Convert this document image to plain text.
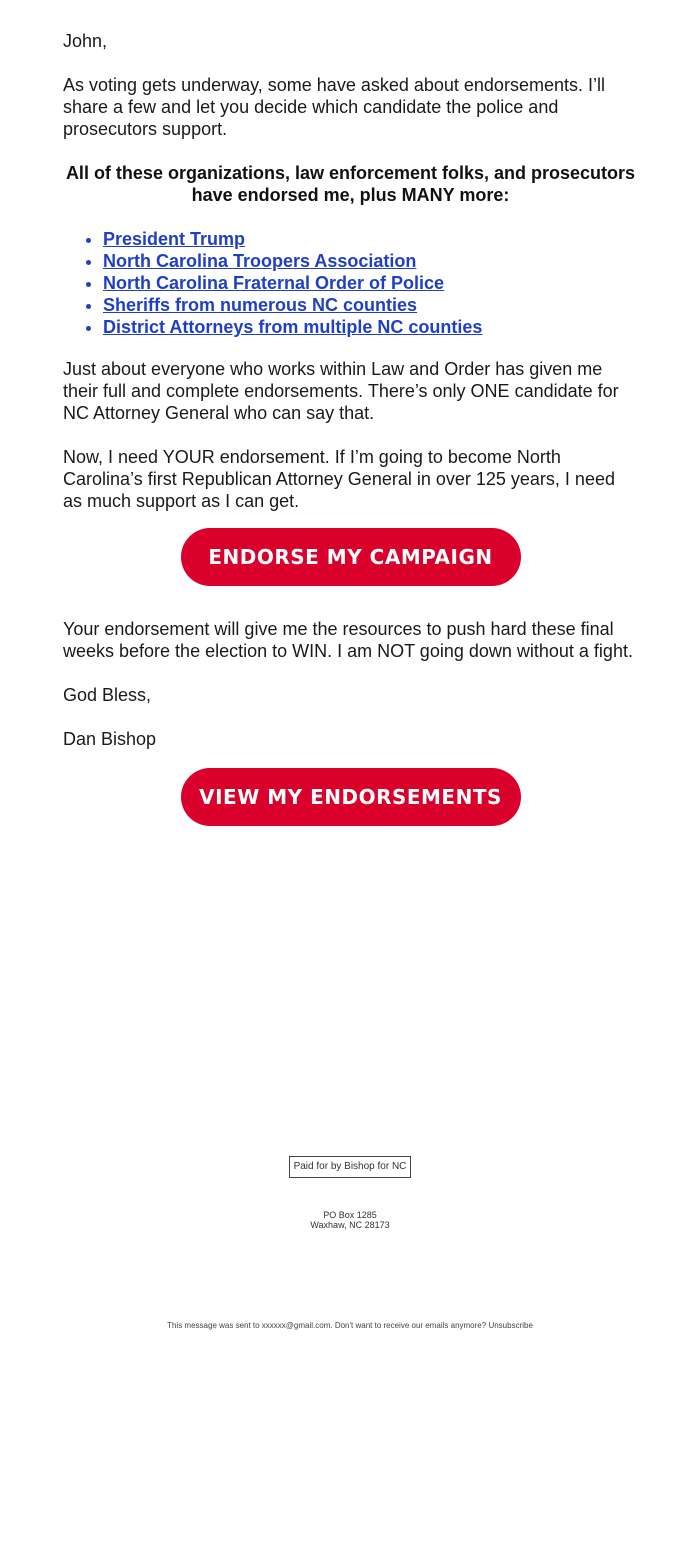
John,

As voting gets underway, some have asked about endorsements. I’ll share a few and let you decide which candidate the police and prosecutors support.

All of these organizations, law enforcement folks, and prosecutors have endorsed me, plus MANY more:

• President Trump
• North Carolina Troopers Association
• North Carolina Fraternal Order of Police
• Sheriffs from numerous NC counties
• District Attorneys from multiple NC counties

Just about everyone who works within Law and Order has given me their full and complete endorsements. There’s only ONE candidate for NC Attorney General who can say that.

Now, I need YOUR endorsement. If I’m going to become North Carolina’s first Republican Attorney General in over 125 years, I need as much support as I can get.

ENDORSE MY CAMPAIGN

Your endorsement will give me the resources to push hard these final weeks before the election to WIN. I am NOT going down without a fight.

God Bless,

Dan Bishop

VIEW MY ENDORSEMENTS
Paid for by Bishop for NC
PO Box 1285
Waxhaw, NC 28173
This message was sent to xxxxxx@gmail.com. Don't want to receive our emails anymore? Unsubscribe
